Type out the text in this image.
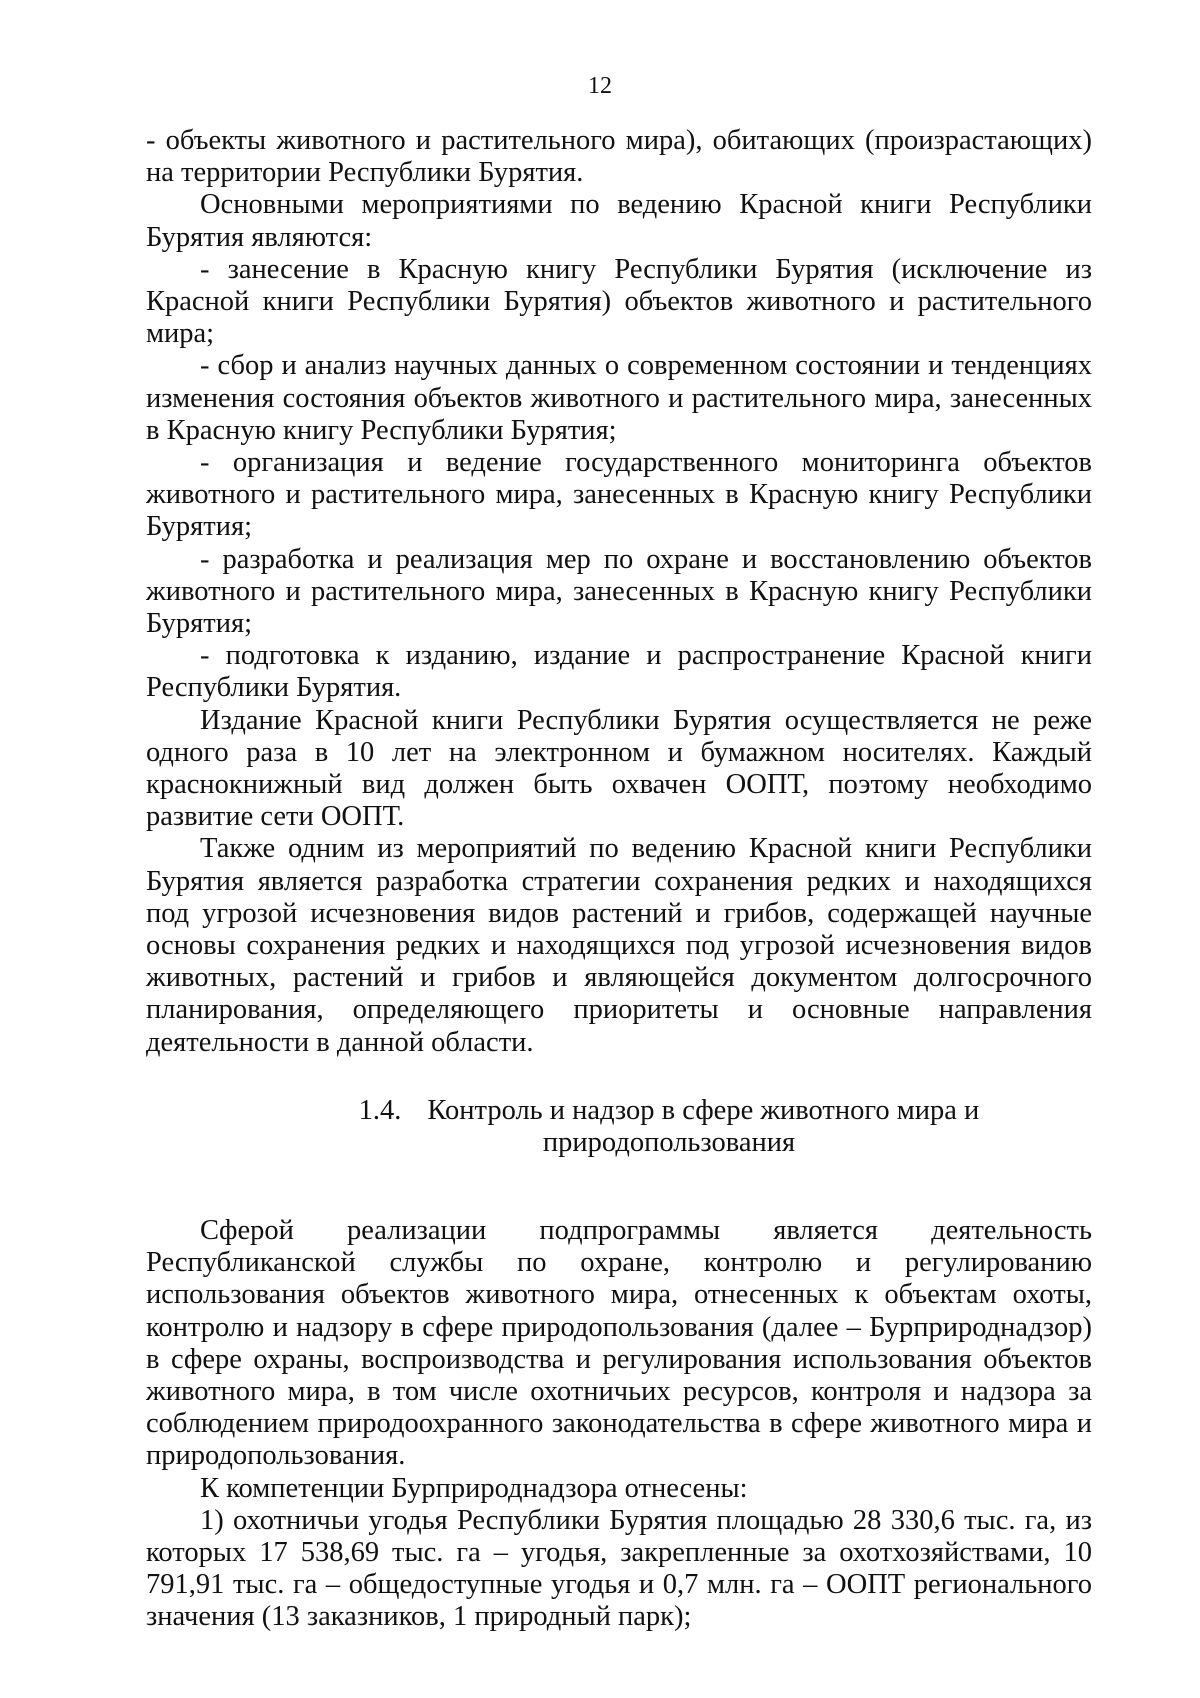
12

- объекты животного и растительного мира), обитающих (произрастающих) на территории Республики Бурятия.

Основными мероприятиями по ведению Красной книги Республики Бурятия являются:

- занесение в Красную книгу Республики Бурятия (исключение из Красной книги Республики Бурятия) объектов животного и растительного мира;

- сбор и анализ научных данных о современном состоянии и тенденциях изменения состояния объектов животного и растительного мира, занесенных в Красную книгу Республики Бурятия;

- организация и ведение государственного мониторинга объектов животного и растительного мира, занесенных в Красную книгу Республики Бурятия;

- разработка и реализация мер по охране и восстановлению объектов животного и растительного мира, занесенных в Красную книгу Республики Бурятия;

- подготовка к изданию, издание и распространение Красной книги Республики Бурятия.

Издание Красной книги Республики Бурятия осуществляется не реже одного раза в 10 лет на электронном и бумажном носителях. Каждый краснокнижный вид должен быть охвачен ООПТ, поэтому необходимо развитие сети ООПТ.

Также одним из мероприятий по ведению Красной книги Республики Бурятия является разработка стратегии сохранения редких и находящихся под угрозой исчезновения видов растений и грибов, содержащей научные основы сохранения редких и находящихся под угрозой исчезновения видов животных, растений и грибов и являющейся документом долгосрочного планирования, определяющего приоритеты и основные направления деятельности в данной области.

1.4. Контроль и надзор в сфере животного мира и
природопользования

Сферой реализации подпрограммы является деятельность Республиканской службы по охране, контролю и регулированию использования объектов животного мира, отнесенных к объектам охоты, контролю и надзору в сфере природопользования (далее – Бурприроднадзор) в сфере охраны, воспроизводства и регулирования использования объектов животного мира, в том числе охотничьих ресурсов, контроля и надзора за соблюдением природоохранного законодательства в сфере животного мира и природопользования.

К компетенции Бурприроднадзора отнесены:

1) охотничьи угодья Республики Бурятия площадью 28 330,6 тыс. га, из которых 17 538,69 тыс. га – угодья, закрепленные за охотхозяйствами, 10 791,91 тыс. га – общедоступные угодья и 0,7 млн. га – ООПТ регионального значения (13 заказников, 1 природный парк);
